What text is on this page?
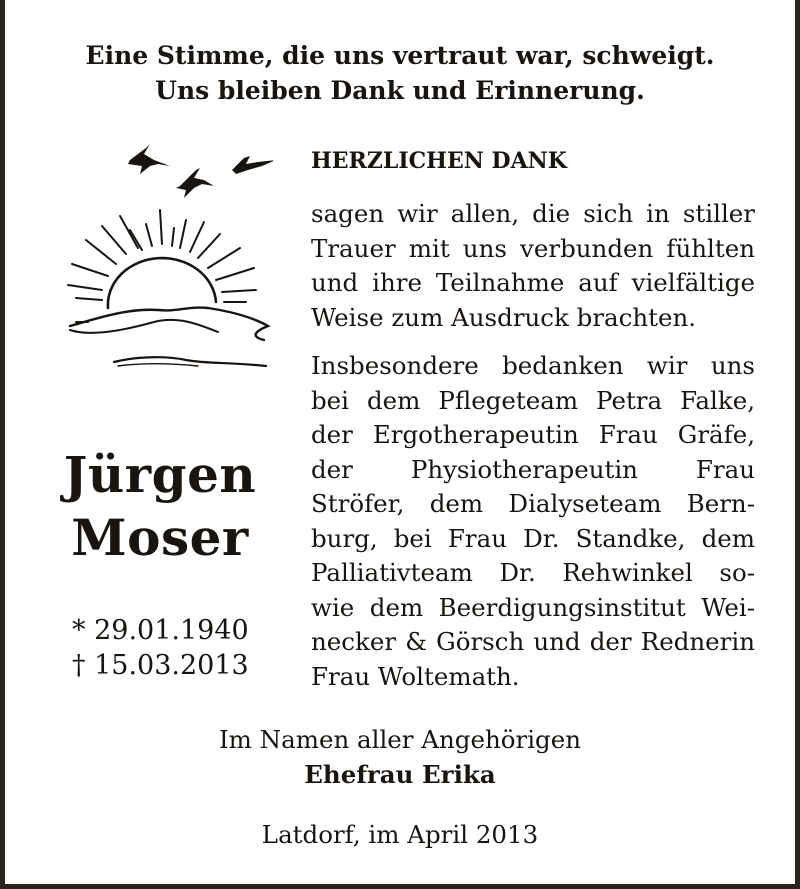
Eine Stimme, die uns vertraut war, schweigt.
Uns bleiben Dank und Erinnerung.
Jürgen
Moser
* 29.01.1940
† 15.03.2013
HERZLICHEN DANK
sagen wir allen, die sich in stiller
Trauer mit uns verbunden fühlten
und ihre Teilnahme auf vielfältige
Weise zum Ausdruck brachten.
Insbesondere bedanken wir uns
bei dem Pflegeteam Petra Falke,
der Ergotherapeutin Frau Gräfe,
der Physiotherapeutin Frau
Ströfer, dem Dialyseteam Bern-
burg, bei Frau Dr. Standke, dem
Palliativteam Dr. Rehwinkel so-
wie dem Beerdigungsinstitut Wei-
necker & Görsch und der Rednerin
Frau Woltemath.
Im Namen aller Angehörigen
Ehefrau Erika
Latdorf, im April 2013
